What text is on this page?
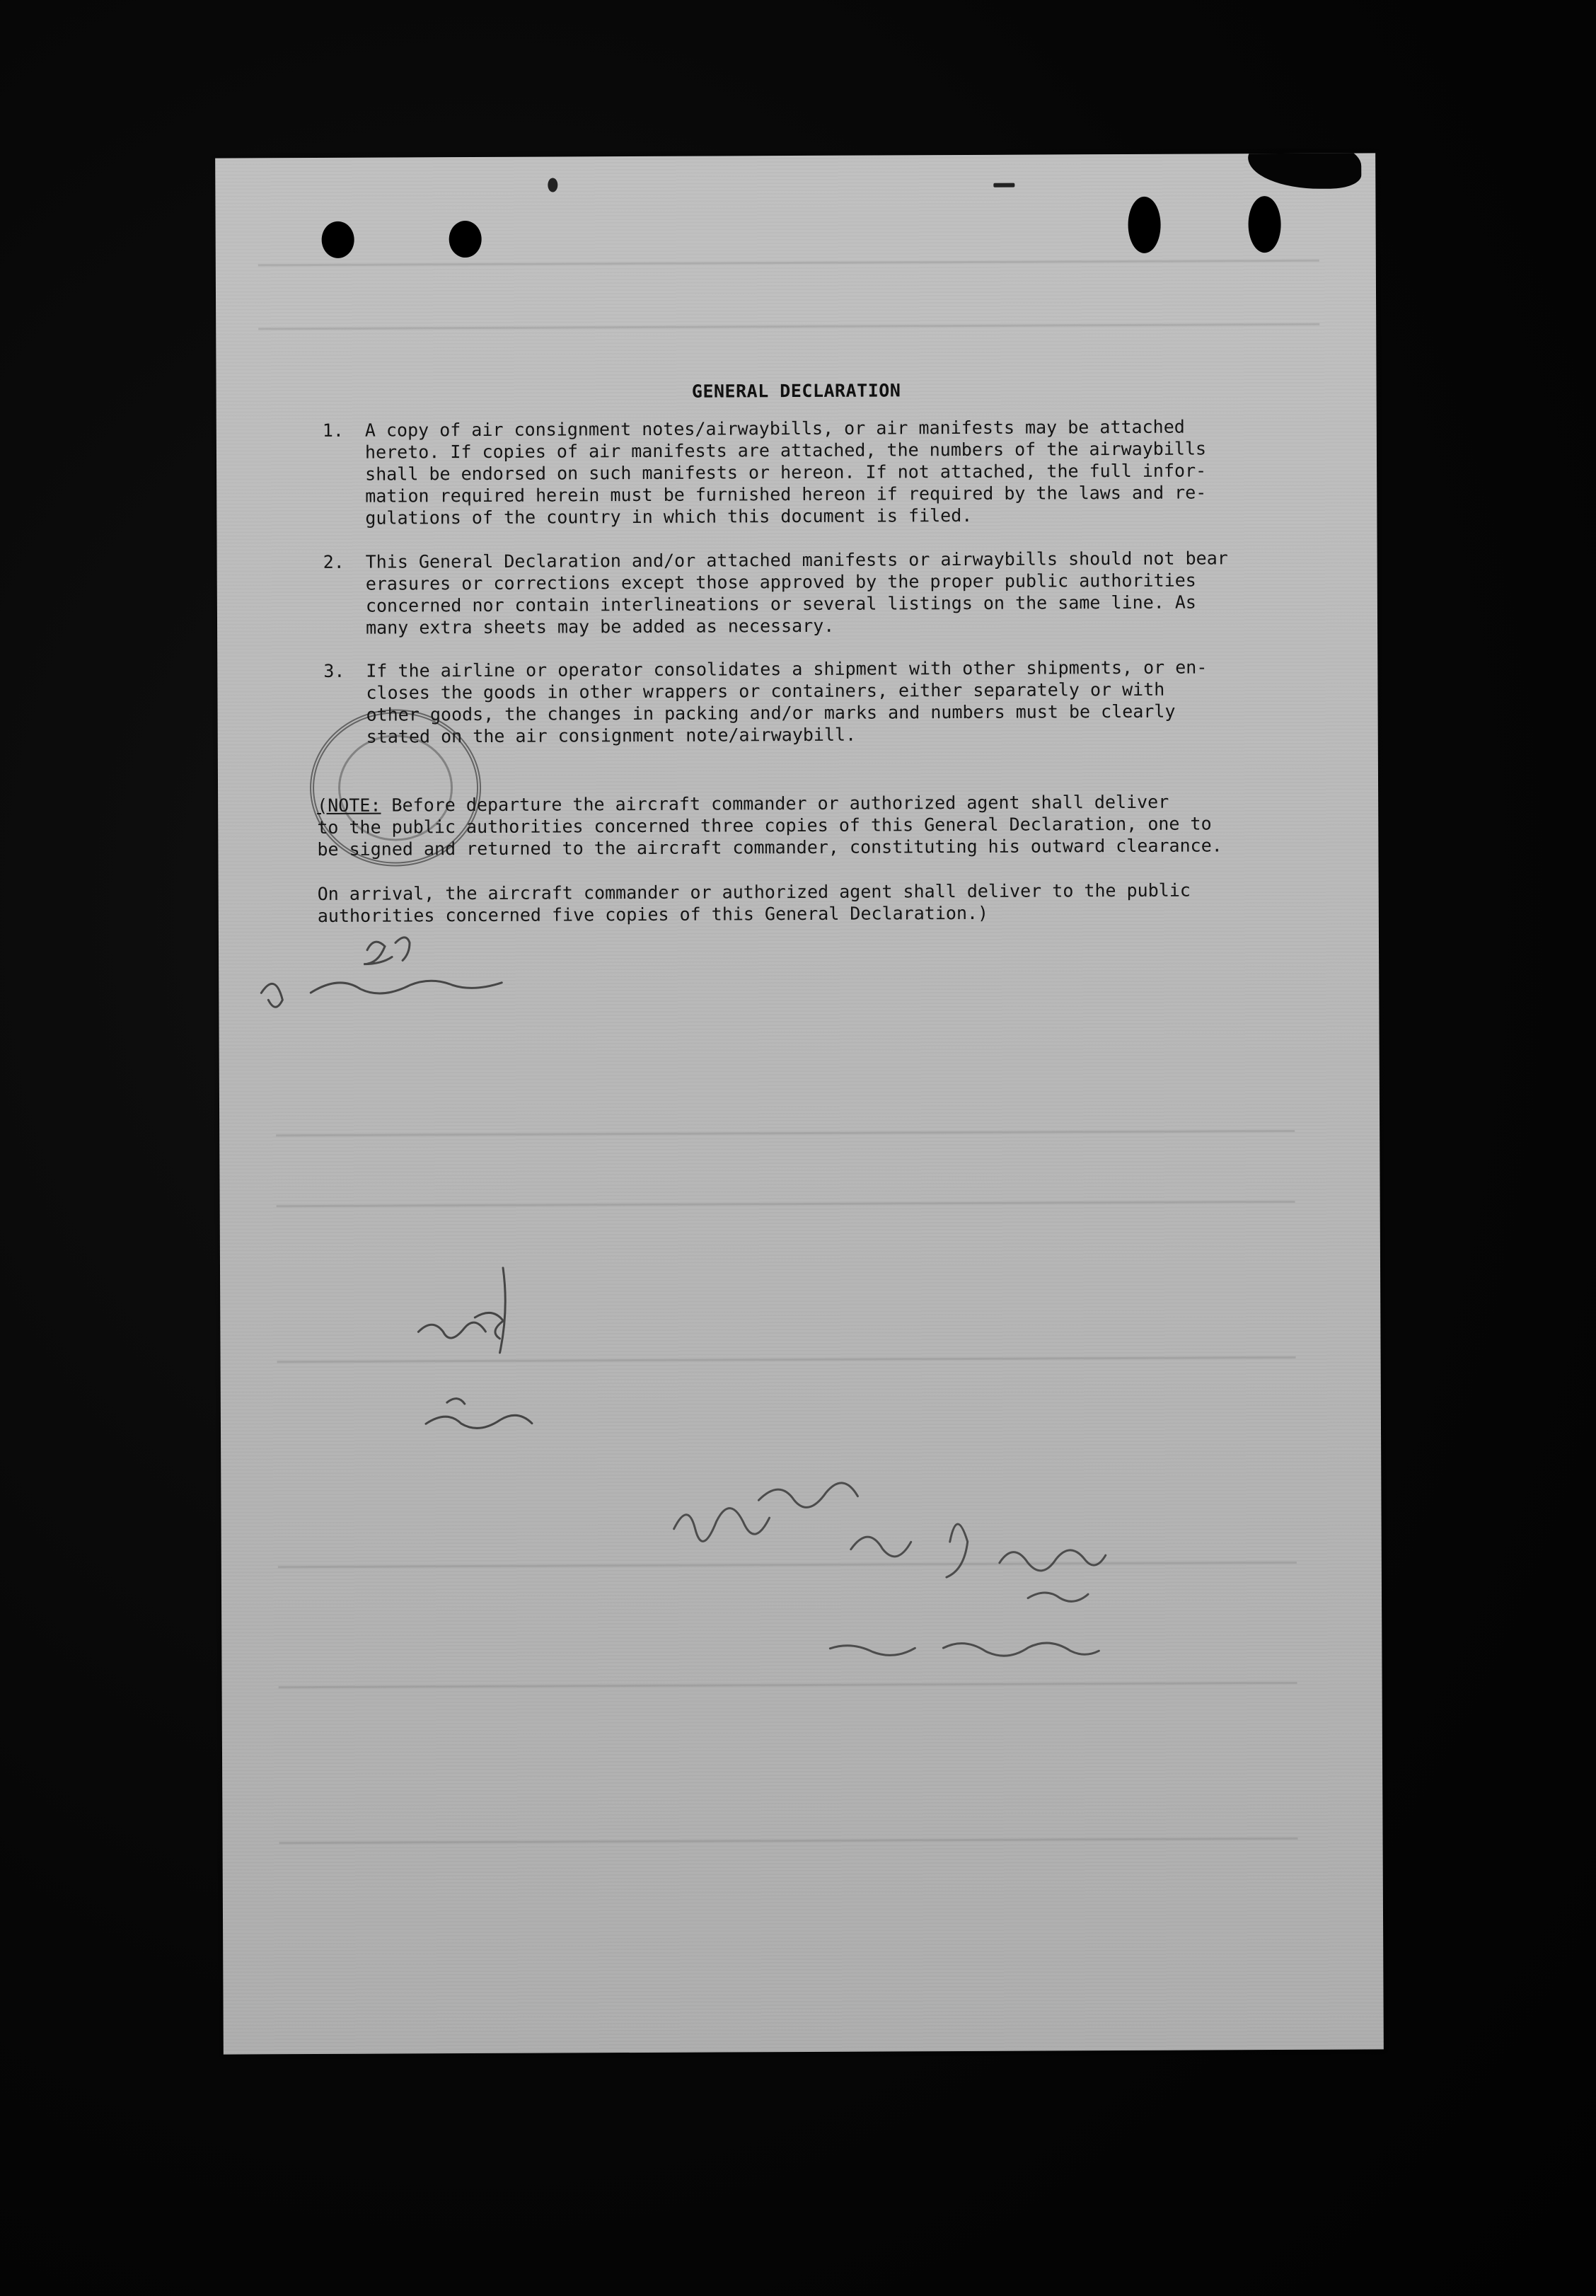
GENERAL DECLARATION
1.	A copy of air consignment notes/airwaybills, or air manifests may be attached
hereto. If copies of air manifests are attached, the numbers of the airwaybills
shall be endorsed on such manifests or hereon. If not attached, the full infor-
mation required herein must be furnished hereon if required by the laws and re-
gulations of the country in which this document is filed.
2.	This General Declaration and/or attached manifests or airwaybills should not bear
erasures or corrections except those approved by the proper public authorities
concerned nor contain interlineations or several listings on the same line. As
many extra sheets may be added as necessary.
3.	If the airline or operator consolidates a shipment with other shipments, or en-
closes the goods in other wrappers or containers, either separately or with
other goods, the changes in packing and/or marks and numbers must be clearly
stated on the air consignment note/airwaybill.
(NOTE: Before departure the aircraft commander or authorized agent shall deliver
to the public authorities concerned three copies of this General Declaration, one to
be signed and returned to the aircraft commander, constituting his outward clearance.
On arrival, the aircraft commander or authorized agent shall deliver to the public
authorities concerned five copies of this General Declaration.)
